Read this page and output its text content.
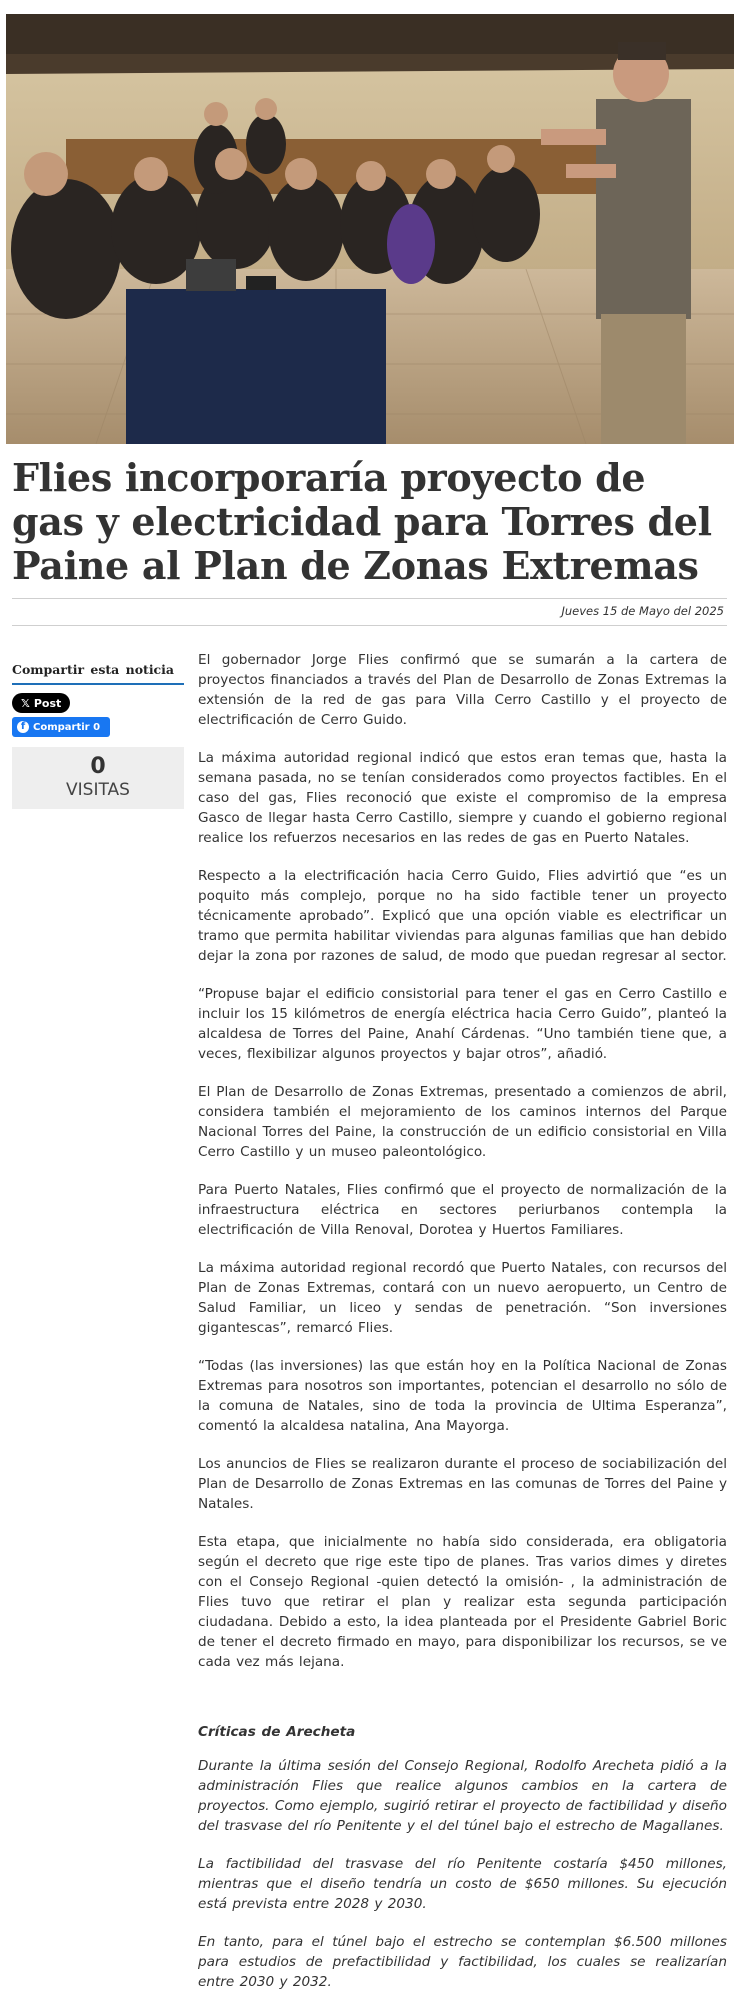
Flies incorporaría proyecto de gas y electricidad para Torres del Paine al Plan de Zonas Extremas
Jueves 15 de Mayo del 2025
Compartir esta noticia
𝕏 Post
f Compartir 0
0
VISITAS

El gobernador Jorge Flies confirmó que se sumarán a la cartera de proyectos financiados a través del Plan de Desarrollo de Zonas Extremas la extensión de la red de gas para Villa Cerro Castillo y el proyecto de electrificación de Cerro Guido.

La máxima autoridad regional indicó que estos eran temas que, hasta la semana pasada, no se tenían considerados como proyectos factibles. En el caso del gas, Flies reconoció que existe el compromiso de la empresa Gasco de llegar hasta Cerro Castillo, siempre y cuando el gobierno regional realice los refuerzos necesarios en las redes de gas en Puerto Natales.

Respecto a la electrificación hacia Cerro Guido, Flies advirtió que “es un poquito más complejo, porque no ha sido factible tener un proyecto técnicamente aprobado”. Explicó que una opción viable es electrificar un tramo que permita habilitar viviendas para algunas familias que han debido dejar la zona por razones de salud, de modo que puedan regresar al sector.

“Propuse bajar el edificio consistorial para tener el gas en Cerro Castillo e incluir los 15 kilómetros de energía eléctrica hacia Cerro Guido”, planteó la alcaldesa de Torres del Paine, Anahí Cárdenas. “Uno también tiene que, a veces, flexibilizar algunos proyectos y bajar otros”, añadió.

El Plan de Desarrollo de Zonas Extremas, presentado a comienzos de abril, considera también el mejoramiento de los caminos internos del Parque Nacional Torres del Paine, la construcción de un edificio consistorial en Villa Cerro Castillo y un museo paleontológico.

Para Puerto Natales, Flies confirmó que el proyecto de normalización de la infraestructura eléctrica en sectores periurbanos contempla la electrificación de Villa Renoval, Dorotea y Huertos Familiares.

La máxima autoridad regional recordó que Puerto Natales, con recursos del Plan de Zonas Extremas, contará con un nuevo aeropuerto, un Centro de Salud Familiar, un liceo y sendas de penetración. “Son inversiones gigantescas”, remarcó Flies.

“Todas (las inversiones) las que están hoy en la Política Nacional de Zonas Extremas para nosotros son importantes, potencian el desarrollo no sólo de la comuna de Natales, sino de toda la provincia de Ultima Esperanza”, comentó la alcaldesa natalina, Ana Mayorga.

Los anuncios de Flies se realizaron durante el proceso de sociabilización del Plan de Desarrollo de Zonas Extremas en las comunas de Torres del Paine y Natales.

Esta etapa, que inicialmente no había sido considerada, era obligatoria según el decreto que rige este tipo de planes. Tras varios dimes y diretes con el Consejo Regional -quien detectó la omisión- , la administración de Flies tuvo que retirar el plan y realizar esta segunda participación ciudadana. Debido a esto, la idea planteada por el Presidente Gabriel Boric de tener el decreto firmado en mayo, para disponibilizar los recursos, se ve cada vez más lejana.

Críticas de Arecheta

Durante la última sesión del Consejo Regional, Rodolfo Arecheta pidió a la administración Flies que realice algunos cambios en la cartera de proyectos. Como ejemplo, sugirió retirar el proyecto de factibilidad y diseño del trasvase del río Penitente y el del túnel bajo el estrecho de Magallanes.

La factibilidad del trasvase del río Penitente costaría $450 millones, mientras que el diseño tendría un costo de $650 millones. Su ejecución está prevista entre 2028 y 2030.

En tanto, para el túnel bajo el estrecho se contemplan $6.500 millones para estudios de prefactibilidad y factibilidad, los cuales se realizarían entre 2030 y 2032.
